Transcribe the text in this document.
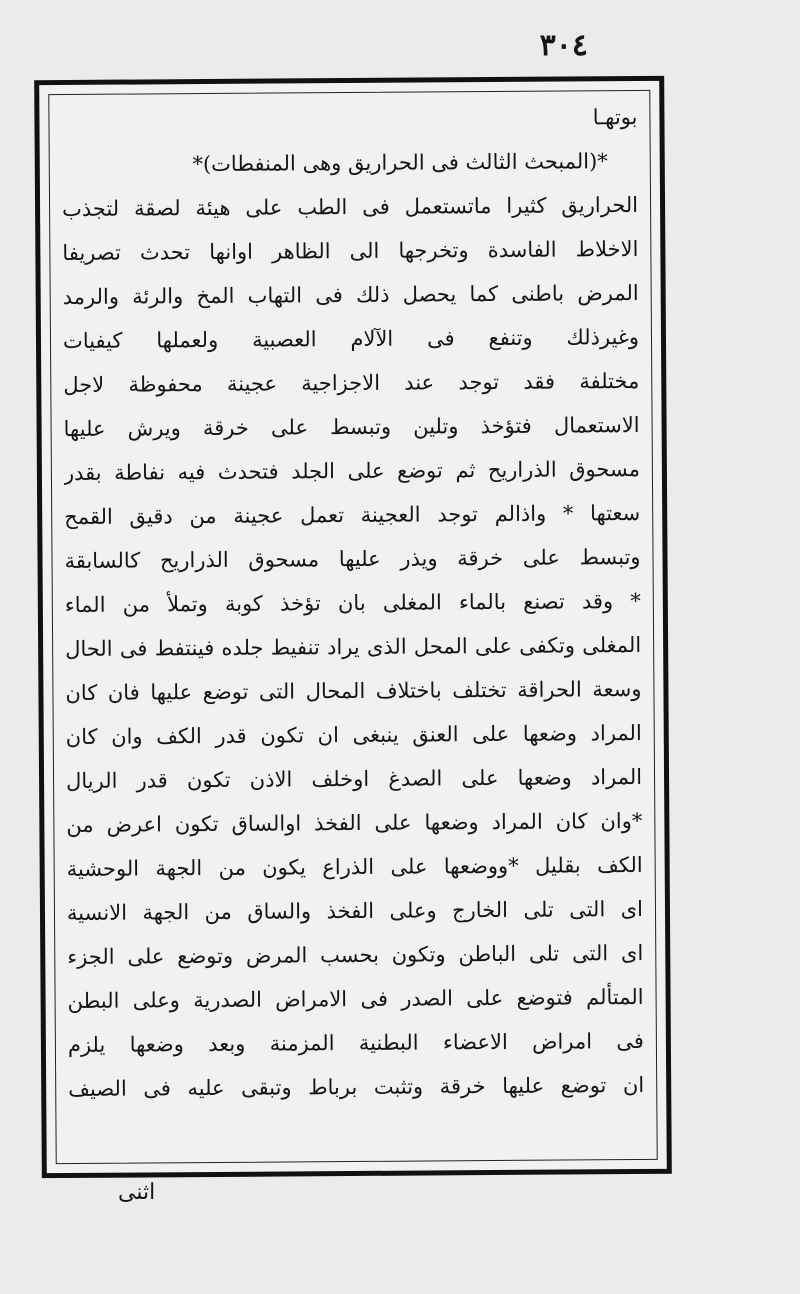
٣٠٤
بوتهـا
*(المبحث الثالث فى الحراريق وهى المنفطات)*
الحراريق كثيرا ماتستعمل فى الطب على هيئة لصقة لتجذب
الاخلاط الفاسدة وتخرجها الى الظاهر اوانها تحدث تصريفا
المرض باطنى كما يحصل ذلك فى التهاب المخ والرئة والرمد
وغيرذلك وتنفع فى الآلام العصبية ولعملها كيفيات
مختلفة فقد توجد عند الاجزاجية عجينة محفوظة لاجل
الاستعمال فتؤخذ وتلين وتبسط على خرقة ويرش عليها
مسحوق الذراريح ثم توضع على الجلد فتحدث فيه نفاطة بقدر
سعتها * واذالم توجد العجينة تعمل عجينة من دقيق القمح
وتبسط على خرقة ويذر عليها مسحوق الذراريح كالسابقة
* وقد تصنع بالماء المغلى بان تؤخذ كوبة وتملأ من الماء
المغلى وتكفى على المحل الذى يراد تنفيط جلده فينتفط فى الحال
وسعة الحراقة تختلف باختلاف المحال التى توضع عليها فان كان
المراد وضعها على العنق ينبغى ان تكون قدر الكف وان كان
المراد وضعها على الصدغ اوخلف الاذن تكون قدر الريال
*وان كان المراد وضعها على الفخذ اوالساق تكون اعرض من
الكف بقليل *ووضعها على الذراع يكون من الجهة الوحشية
اى التى تلى الخارج وعلى الفخذ والساق من الجهة الانسية
اى التى تلى الباطن وتكون بحسب المرض وتوضع على الجزء
المتألم فتوضع على الصدر فى الامراض الصدرية وعلى البطن
فى امراض الاعضاء البطنية المزمنة وبعد وضعها يلزم
ان توضع عليها خرقة وتثبت برباط وتبقى عليه فى الصيف
اثنى
